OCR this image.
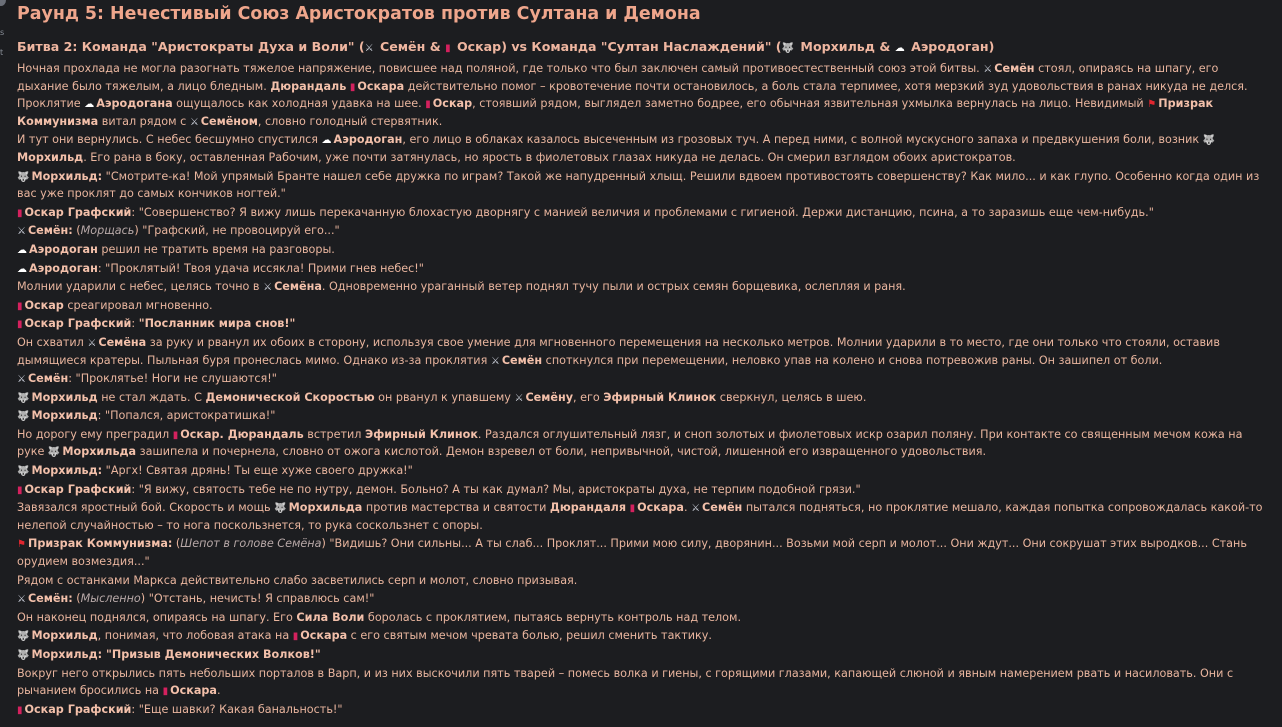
s

t
Раунд 5: Нечестивый Союз Аристократов против Султана и Демона
Битва 2: Команда "Аристократы Духа и Воли" (⚔ Семён & ▮ Оскар) vs Команда "Султан Наслаждений" (🐺 Морхильд & ☁ Аэродоган)

Ночная прохлада не могла разогнать тяжелое напряжение, повисшее над поляной, где только что был заключен самый противоестественный союз этой битвы. ⚔ Семён стоял, опираясь на шпагу, его дыхание было тяжелым, а лицо бледным. Дюрандаль ▮ Оскара действительно помог – кровотечение почти остановилось, а боль стала терпимее, хотя мерзкий зуд удовольствия в ранах никуда не делся. Проклятие ☁ Аэродогана ощущалось как холодная удавка на шее. ▮ Оскар, стоявший рядом, выглядел заметно бодрее, его обычная язвительная ухмылка вернулась на лицо. Невидимый ⚑ Призрак Коммунизма витал рядом с ⚔ Семёном, словно голодный стервятник.

И тут они вернулись. С небес бесшумно спустился ☁ Аэродоган, его лицо в облаках казалось высеченным из грозовых туч. А перед ними, с волной мускусного запаха и предвкушения боли, возник 🐺Морхильд. Его рана в боку, оставленная Рабочим, уже почти затянулась, но ярость в фиолетовых глазах никуда не делась. Он смерил взглядом обоих аристократов.

🐺 Морхильд: "Смотрите-ка! Мой упрямый Бранте нашел себе дружка по играм? Такой же напудренный хлыщ. Решили вдвоем противостоять совершенству? Как мило... и как глупо. Особенно когда один из вас уже проклят до самых кончиков ногтей."

▮ Оскар Графский: "Совершенство? Я вижу лишь перекачанную блохастую дворнягу с манией величия и проблемами с гигиеной. Держи дистанцию, псина, а то заразишь еще чем-нибудь."

⚔ Семён: (Морщась) "Графский, не провоцируй его..."

☁ Аэродоган решил не тратить время на разговоры.

☁ Аэродоган: "Проклятый! Твоя удача иссякла! Прими гнев небес!"

Молнии ударили с небес, целясь точно в ⚔ Семёна. Одновременно ураганный ветер поднял тучу пыли и острых семян борщевика, ослепляя и раня.

▮ Оскар среагировал мгновенно.

▮ Оскар Графский: "Посланник мира снов!"

Он схватил ⚔ Семёна за руку и рванул их обоих в сторону, используя свое умение для мгновенного перемещения на несколько метров. Молнии ударили в то место, где они только что стояли, оставив дымящиеся кратеры. Пыльная буря пронеслась мимо. Однако из-за проклятия ⚔ Семён споткнулся при перемещении, неловко упав на колено и снова потревожив раны. Он зашипел от боли.

⚔ Семён: "Проклятье! Ноги не слушаются!"

🐺 Морхильд не стал ждать. С Демонической Скоростью он рванул к упавшему ⚔ Семёну, его Эфирный Клинок сверкнул, целясь в шею.

🐺 Морхильд: "Попался, аристократишка!"

Но дорогу ему преградил ▮ Оскар. Дюрандаль встретил Эфирный Клинок. Раздался оглушительный лязг, и сноп золотых и фиолетовых искр озарил поляну. При контакте со священным мечом кожа на руке 🐺 Морхильда зашипела и почернела, словно от ожога кислотой. Демон взревел от боли, непривычной, чистой, лишенной его извращенного удовольствия.

🐺 Морхильд: "Аргх! Святая дрянь! Ты еще хуже своего дружка!"

▮ Оскар Графский: "Я вижу, святость тебе не по нутру, демон. Больно? А ты как думал? Мы, аристократы духа, не терпим подобной грязи."

Завязался яростный бой. Скорость и мощь 🐺 Морхильда против мастерства и святости Дюрандаля ▮ Оскара. ⚔ Семён пытался подняться, но проклятие мешало, каждая попытка сопровождалась какой-то нелепой случайностью – то нога поскользнется, то рука соскользнет с опоры.

⚑ Призрак Коммунизма: (Шепот в голове Семёна) "Видишь? Они сильны... А ты слаб... Проклят... Прими мою силу, дворянин... Возьми мой серп и молот... Они ждут... Они сокрушат этих выродков... Стань орудием возмездия..."

Рядом с останками Маркса действительно слабо засветились серп и молот, словно призывая.

⚔ Семён: (Мысленно) "Отстань, нечисть! Я справлюсь сам!"

Он наконец поднялся, опираясь на шпагу. Его Сила Воли боролась с проклятием, пытаясь вернуть контроль над телом.

🐺 Морхильд, понимая, что лобовая атака на ▮ Оскара с его святым мечом чревата болью, решил сменить тактику.

🐺 Морхильд: "Призыв Демонических Волков!"

Вокруг него открылись пять небольших порталов в Варп, и из них выскочили пять тварей – помесь волка и гиены, с горящими глазами, капающей слюной и явным намерением рвать и насиловать. Они с рычанием бросились на ▮ Оскара.

▮ Оскар Графский: "Еще шавки? Какая банальность!"
